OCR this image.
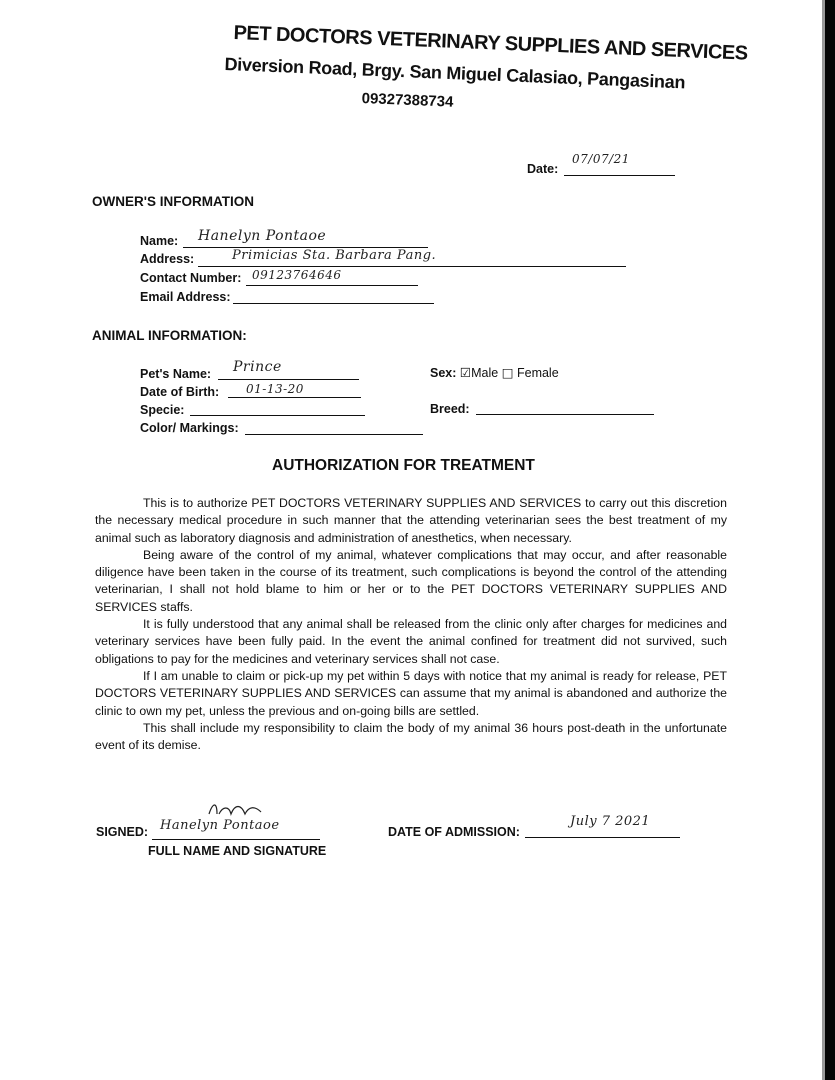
PET DOCTORS VETERINARY SUPPLIES AND SERVICES
Diversion Road, Brgy. San Miguel Calasiao, Pangasinan
09327388734
Date:
07/07/21
OWNER'S INFORMATION
Name: Hanelyn Pontaoe
Address:	Primicias Sta. Barbara Pang.
Contact Number: 09123764646
Email Address:
ANIMAL INFORMATION:
Pet's Name: Prince
Date of Birth: 01-13-20
Specie:
Color/ Markings:
Sex: ☑Male □ Female
Breed:
AUTHORIZATION FOR TREATMENT

This is to authorize PET DOCTORS VETERINARY SUPPLIES AND SERVICES to carry out this discretion the necessary medical procedure in such manner that the attending veterinarian sees the best treatment of my animal such as laboratory diagnosis and administration of anesthetics, when necessary.

Being aware of the control of my animal, whatever complications that may occur, and after reasonable diligence have been taken in the course of its treatment, such complications is beyond the control of the attending veterinarian, I shall not hold blame to him or her or to the PET DOCTORS VETERINARY SUPPLIES AND SERVICES staffs.

It is fully understood that any animal shall be released from the clinic only after charges for medicines and veterinary services have been fully paid. In the event the animal confined for treatment did not survived, such obligations to pay for the medicines and veterinary services shall not case.

If I am unable to claim or pick-up my pet within 5 days with notice that my animal is ready for release, PET DOCTORS VETERINARY SUPPLIES AND SERVICES can assume that my animal is abandoned and authorize the clinic to own my pet, unless the previous and on-going bills are settled.

This shall include my responsibility to claim the body of my animal 36 hours post-death in the unfortunate event of its demise.

SIGNED: Hanelyn Pontaoe
FULL NAME AND SIGNATURE
DATE OF ADMISSION:
July 7 2021
